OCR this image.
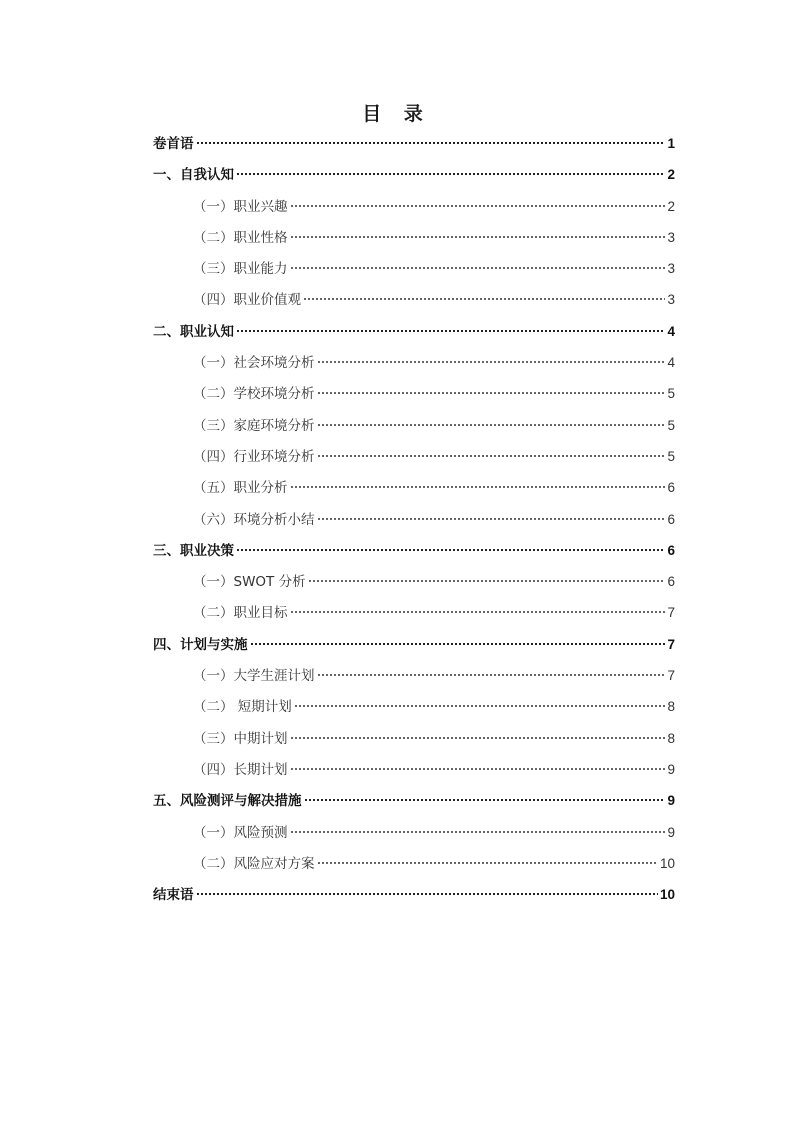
目 录
卷首语	1
一、自我认知	2
（一）职业兴趣	2
（二）职业性格	3
（三）职业能力	3
（四）职业价值观	3
二、职业认知	4
（一）社会环境分析	4
（二）学校环境分析	5
（三）家庭环境分析	5
（四）行业环境分析	5
（五）职业分析	6
（六）环境分析小结	6
三、职业决策	6
（一）SWOT 分析	6
（二）职业目标	7
四、计划与实施	7
（一）大学生涯计划	7
（二） 短期计划	8
（三）中期计划	8
（四）长期计划	9
五、风险测评与解决措施	9
（一）风险预测	9
（二）风险应对方案	10
结束语	10
